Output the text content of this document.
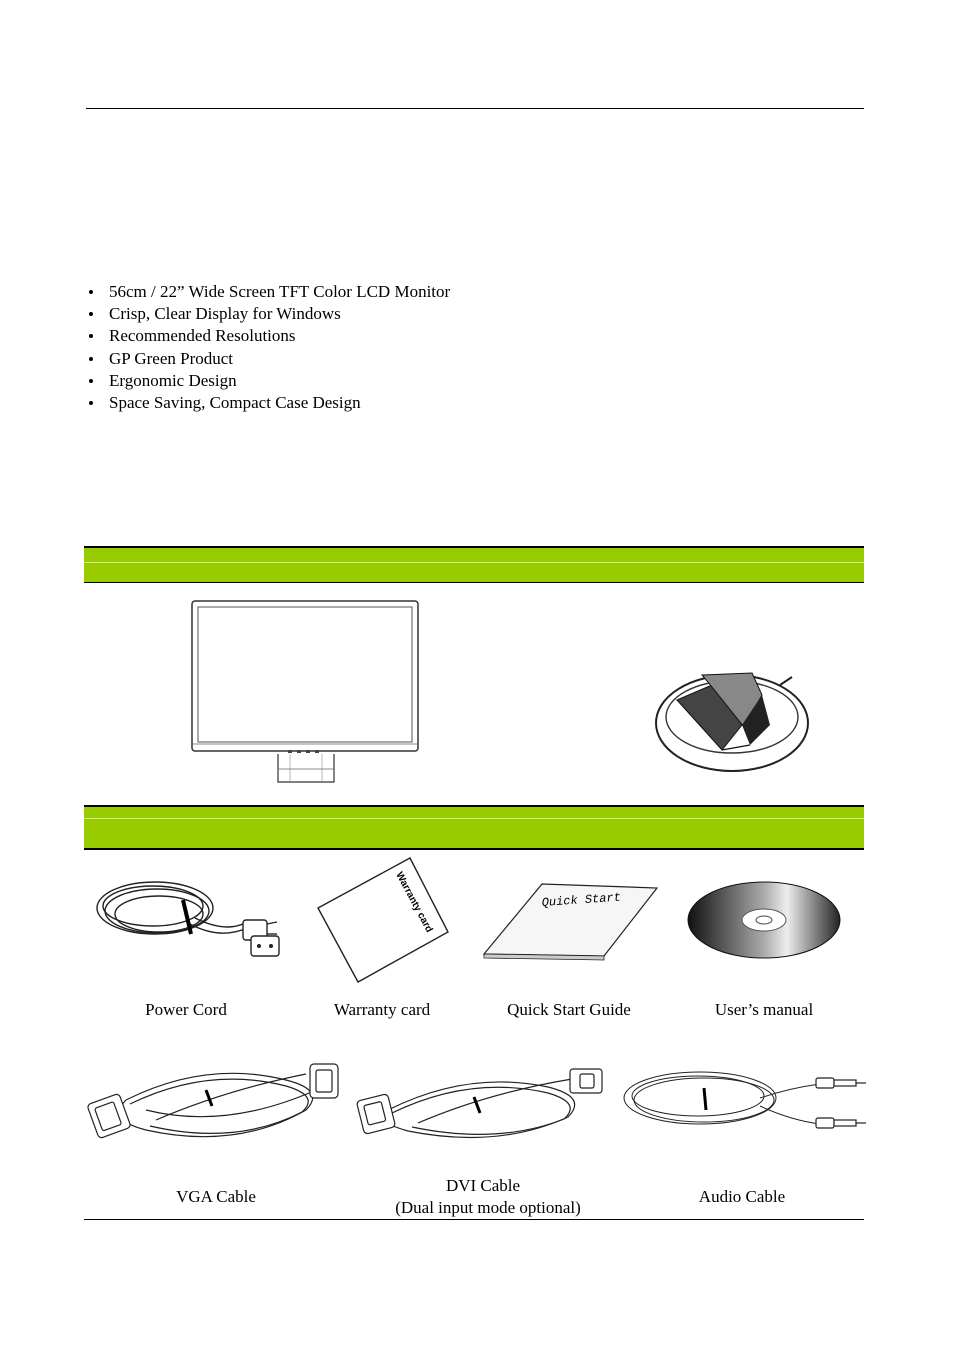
56cm / 22” Wide Screen TFT Color LCD Monitor
Crisp, Clear Display for Windows
Recommended Resolutions
GP Green Product
Ergonomic Design
Space Saving, Compact Case Design
Warranty card	Quick Start
Power Cord	Warranty card	Quick Start Guide	User’s manual
VGA Cable
DVI Cable
(Dual input mode optional)
Audio Cable
